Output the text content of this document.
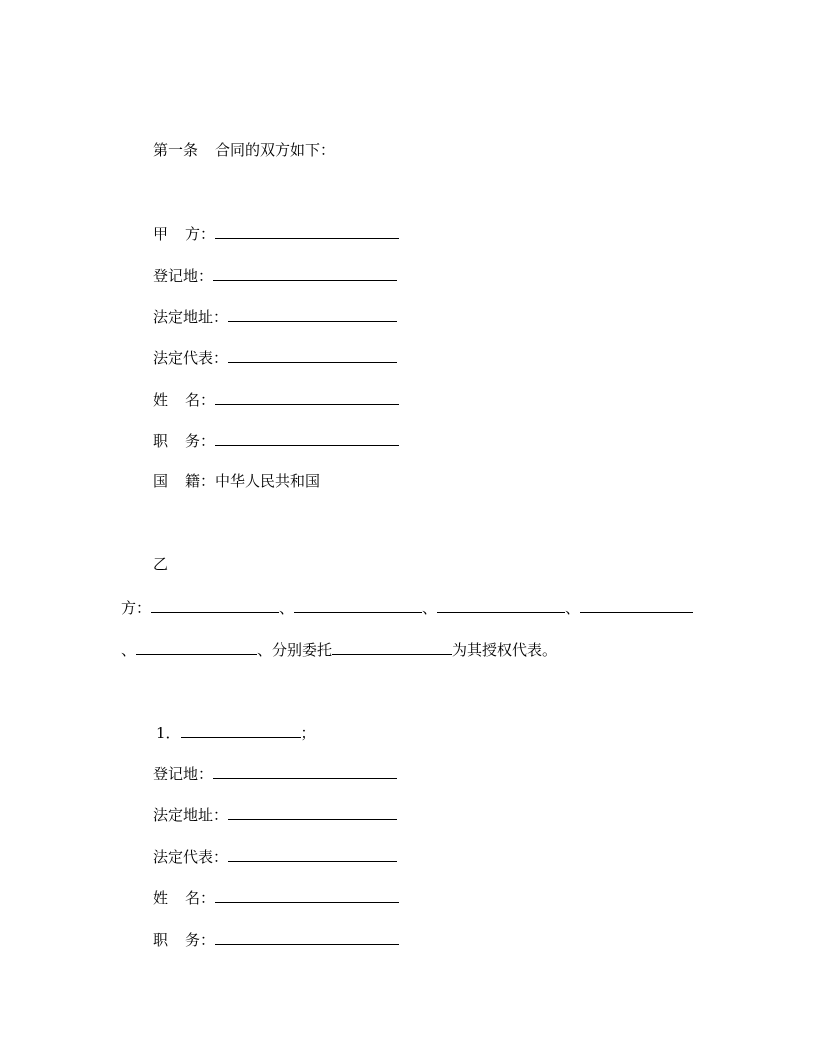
第一条 合同的双方如下：
甲 方：
登记地：
法定地址：
法定代表：
姓 名：
职 务：
国 籍：中华人民共和国
乙
方：	、	、	、
、	、分别委托	为其授权代表。
1．	；
登记地：
法定地址：
法定代表：
姓 名：
职 务：
